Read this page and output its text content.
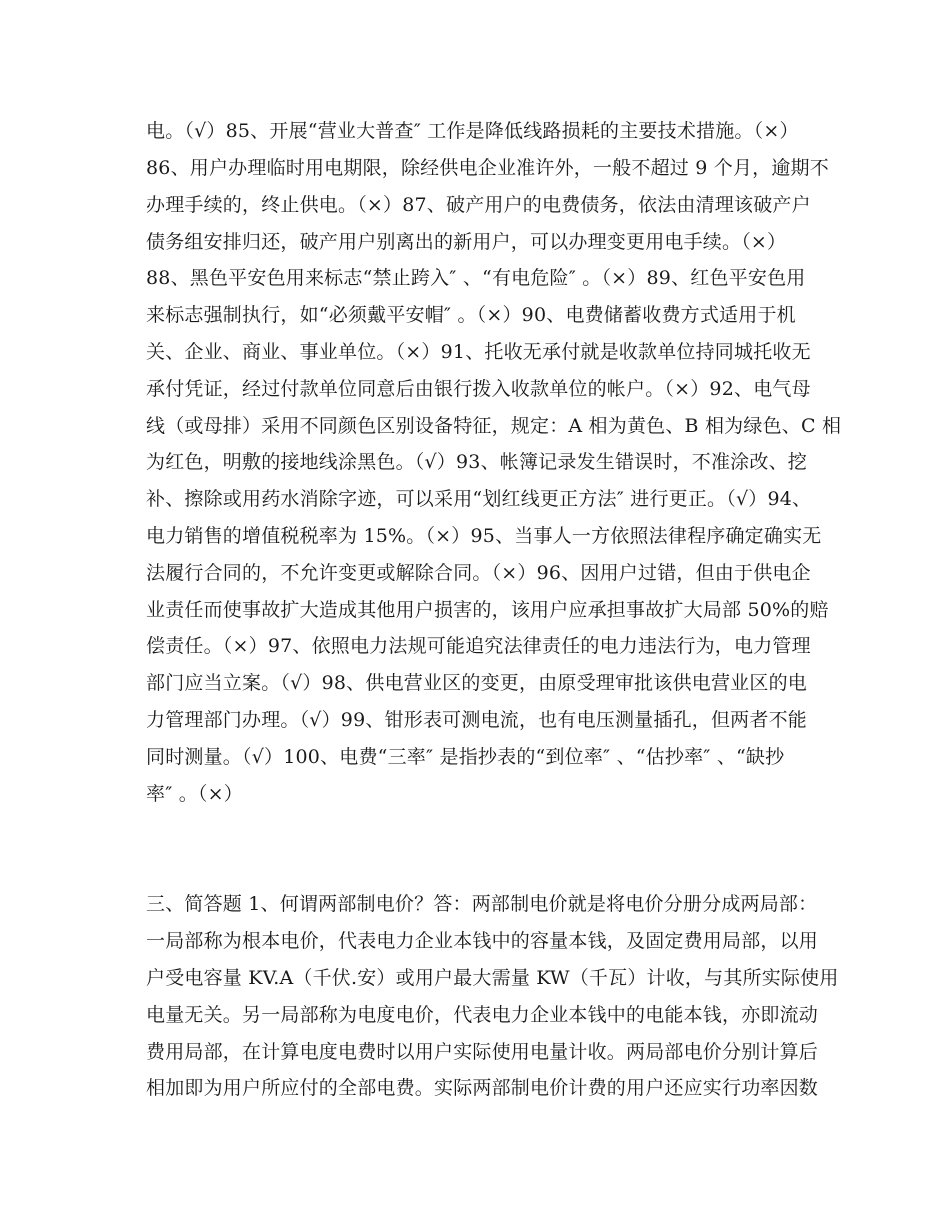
电。（√）85、开展“营业大普查″ 工作是降低线路损耗的主要技术措施。（×）
86、用户办理临时用电期限，除经供电企业准许外，一般不超过 9 个月，逾期不
办理手续的，终止供电。（×）87、破产用户的电费债务，依法由清理该破产户
债务组安排归还，破产用户别离出的新用户，可以办理变更用电手续。（×）
88、黑色平安色用来标志“禁止跨入″ 、“有电危险″ 。（×）89、红色平安色用
来标志强制执行，如“必须戴平安帽″ 。（×）90、电费储蓄收费方式适用于机
关、企业、商业、事业单位。（×）91、托收无承付就是收款单位持同城托收无
承付凭证，经过付款单位同意后由银行拨入收款单位的帐户。（×）92、电气母
线（或母排）采用不同颜色区别设备特征，规定：A 相为黄色、B 相为绿色、C 相
为红色，明敷的接地线涂黑色。（√）93、帐簿记录发生错误时，不准涂改、挖
补、擦除或用药水消除字迹，可以采用“划红线更正方法″ 进行更正。（√）94、
电力销售的增值税税率为 15%。（×）95、当事人一方依照法律程序确定确实无
法履行合同的，不允许变更或解除合同。（×）96、因用户过错，但由于供电企
业责任而使事故扩大造成其他用户损害的，该用户应承担事故扩大局部 50%的赔
偿责任。（×）97、依照电力法规可能追究法律责任的电力违法行为，电力管理
部门应当立案。（√）98、供电营业区的变更，由原受理审批该供电营业区的电
力管理部门办理。（√）99、钳形表可测电流，也有电压测量插孔，但两者不能
同时测量。（√）100、电费“三率″ 是指抄表的“到位率″ 、“估抄率″ 、“缺抄
率″ 。（×）
三、简答题 1、何谓两部制电价？答：两部制电价就是将电价分册分成两局部：
一局部称为根本电价，代表电力企业本钱中的容量本钱，及固定费用局部，以用
户受电容量 KV.A（千伏.安）或用户最大需量 KW（千瓦）计收，与其所实际使用
电量无关。另一局部称为电度电价，代表电力企业本钱中的电能本钱，亦即流动
费用局部，在计算电度电费时以用户实际使用电量计收。两局部电价分别计算后
相加即为用户所应付的全部电费。实际两部制电价计费的用户还应实行功率因数
